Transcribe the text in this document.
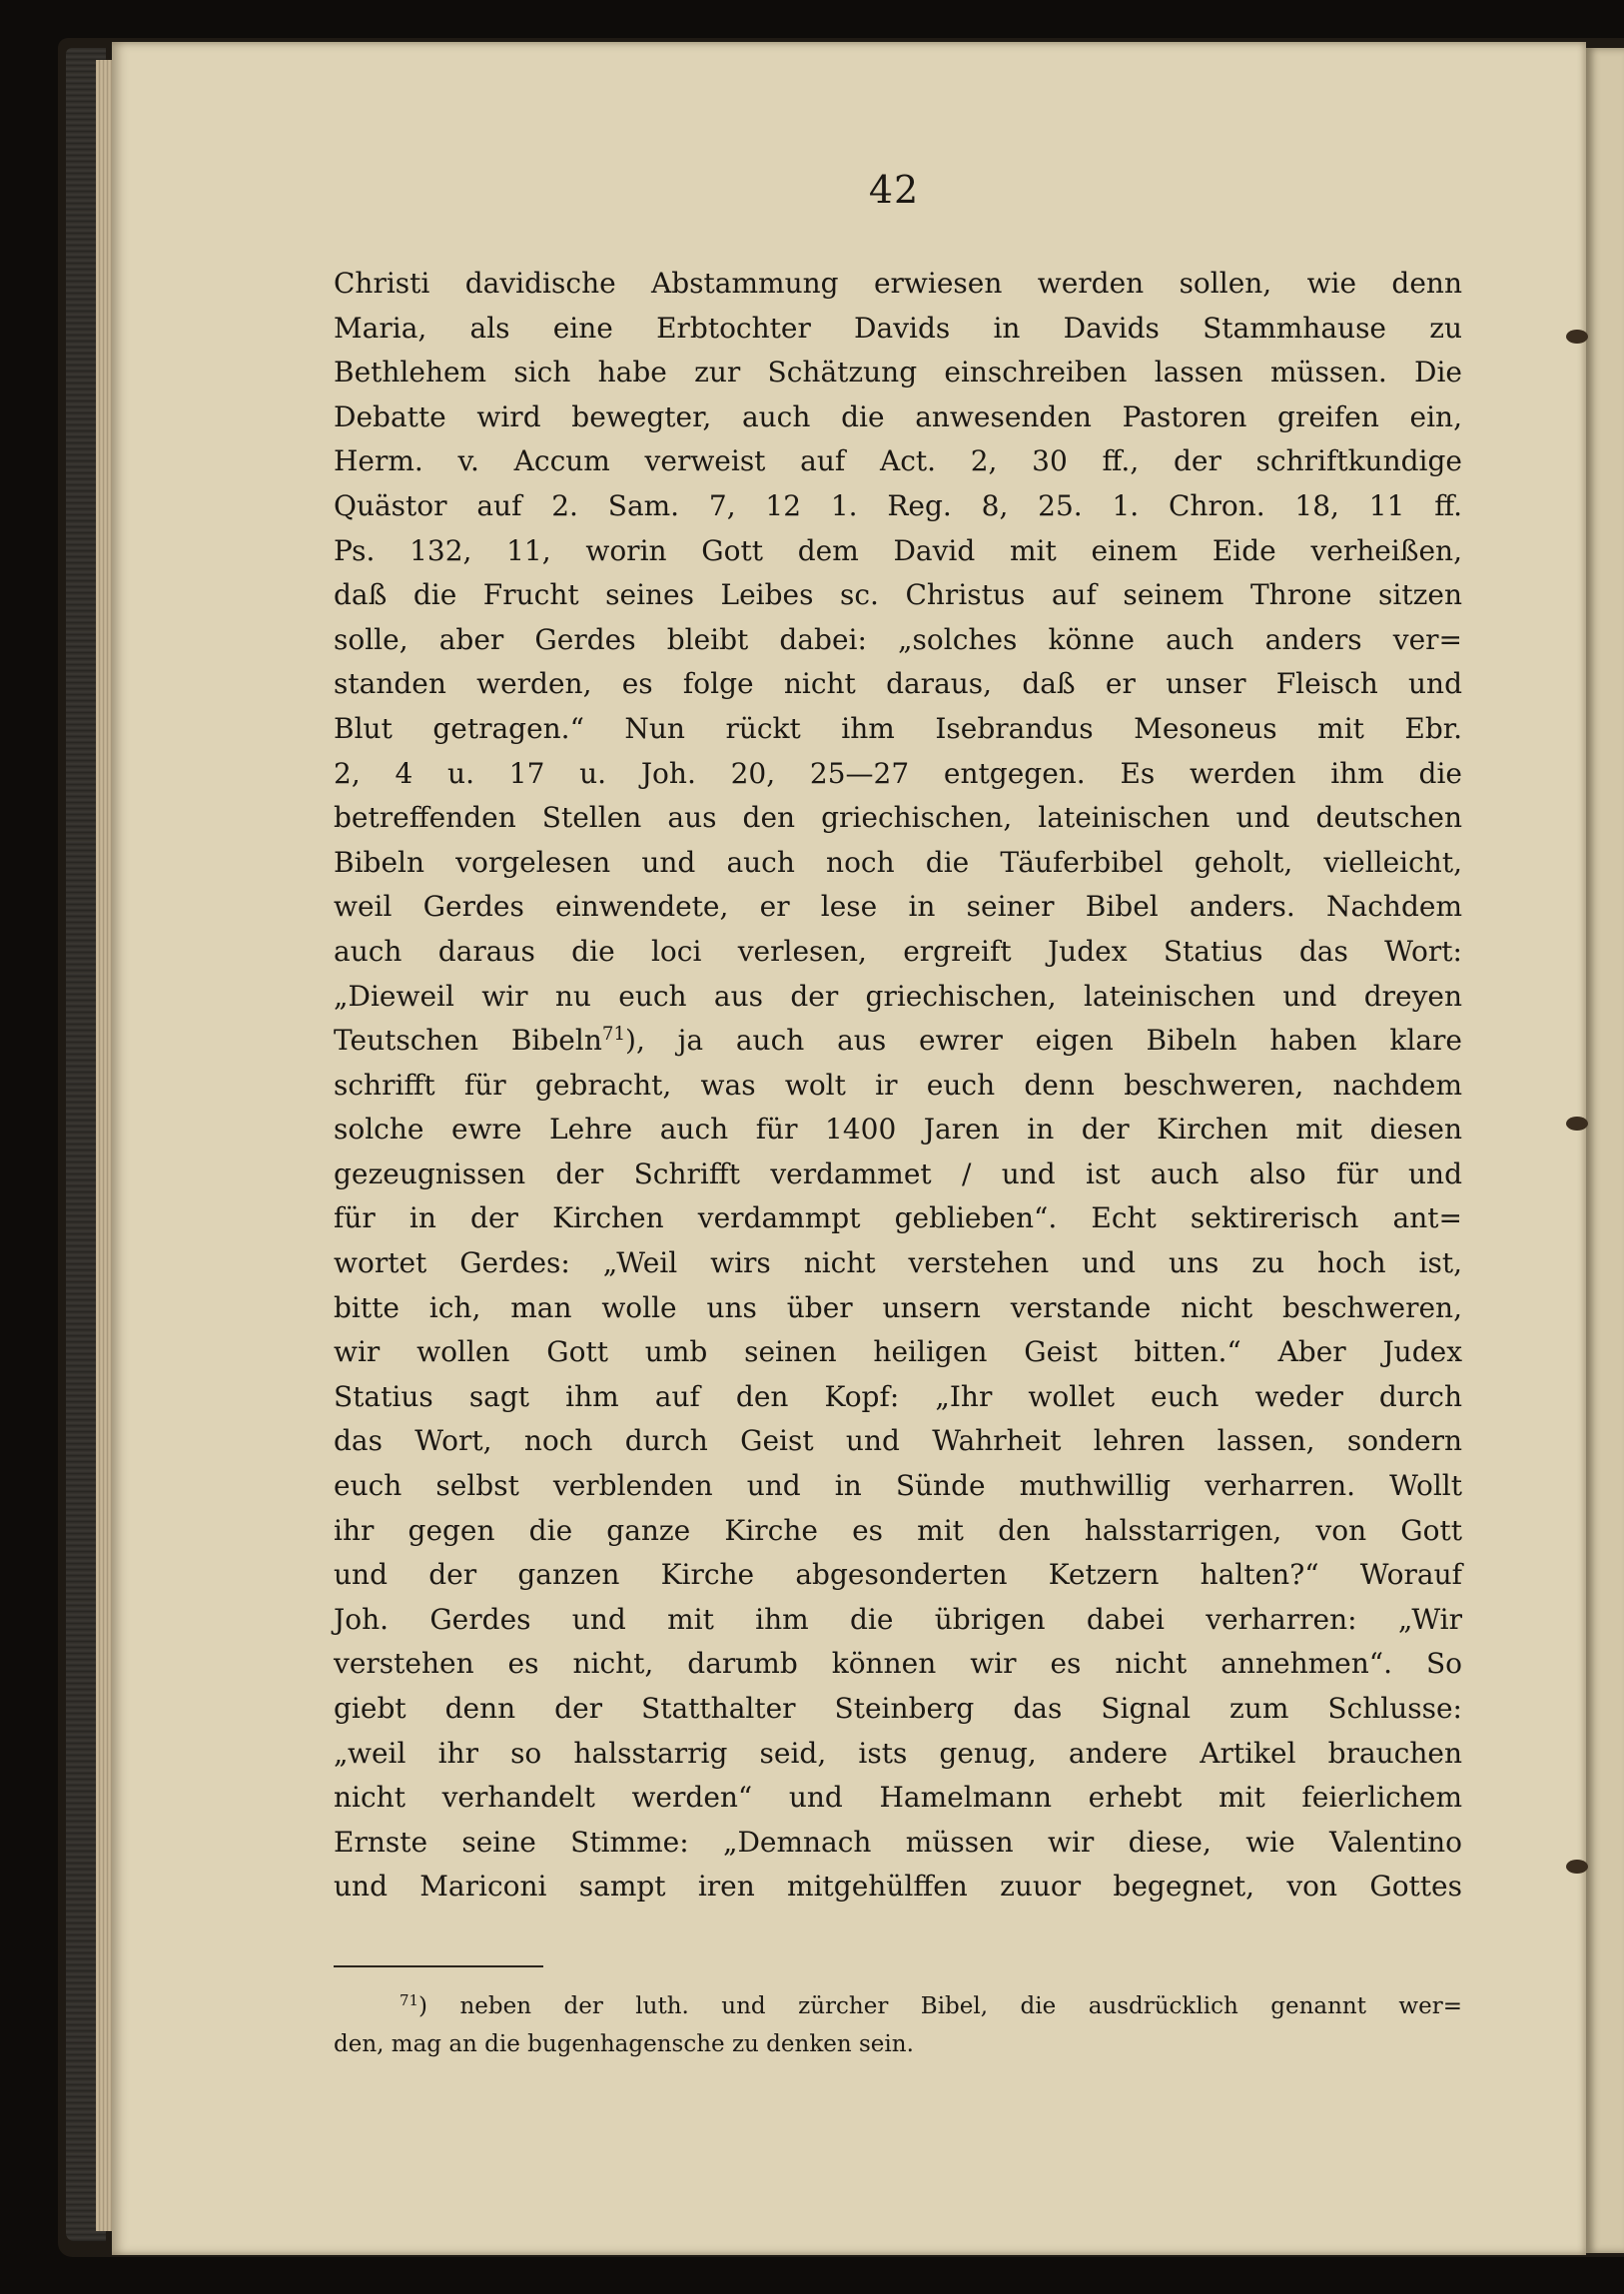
42
Christi davidische Abstammung erwiesen werden sollen, wie denn
Maria, als eine Erbtochter Davids in Davids Stammhause zu
Bethlehem sich habe zur Schätzung einschreiben lassen müssen. Die
Debatte wird bewegter, auch die anwesenden Pastoren greifen ein,
Herm. v. Accum verweist auf Act. 2, 30 ff., der schriftkundige
Quästor auf 2. Sam. 7, 12 1. Reg. 8, 25. 1. Chron. 18, 11 ff.
Ps. 132, 11, worin Gott dem David mit einem Eide verheißen,
daß die Frucht seines Leibes sc. Christus auf seinem Throne sitzen
solle, aber Gerdes bleibt dabei: „solches könne auch anders ver=
standen werden, es folge nicht daraus, daß er unser Fleisch und
Blut getragen.“ Nun rückt ihm Isebrandus Mesoneus mit Ebr.
2, 4 u. 17 u. Joh. 20, 25—27 entgegen. Es werden ihm die
betreffenden Stellen aus den griechischen, lateinischen und deutschen
Bibeln vorgelesen und auch noch die Täuferbibel geholt, vielleicht,
weil Gerdes einwendete, er lese in seiner Bibel anders. Nachdem
auch daraus die loci verlesen, ergreift Judex Statius das Wort:
„Dieweil wir nu euch aus der griechischen, lateinischen und dreyen
Teutschen Bibeln$^{71}$), ja auch aus ewrer eigen Bibeln haben klare
schrifft für gebracht, was wolt ir euch denn beschweren, nachdem
solche ewre Lehre auch für 1400 Jaren in der Kirchen mit diesen
gezeugnissen der Schrifft verdammet / und ist auch also für und
für in der Kirchen verdammpt geblieben“. Echt sektirerisch ant=
wortet Gerdes: „Weil wirs nicht verstehen und uns zu hoch ist,
bitte ich, man wolle uns über unsern verstande nicht beschweren,
wir wollen Gott umb seinen heiligen Geist bitten.“ Aber Judex
Statius sagt ihm auf den Kopf: „Ihr wollet euch weder durch
das Wort, noch durch Geist und Wahrheit lehren lassen, sondern
euch selbst verblenden und in Sünde muthwillig verharren. Wollt
ihr gegen die ganze Kirche es mit den halsstarrigen, von Gott
und der ganzen Kirche abgesonderten Ketzern halten?“ Worauf
Joh. Gerdes und mit ihm die übrigen dabei verharren: „Wir
verstehen es nicht, darumb können wir es nicht annehmen“. So
giebt denn der Statthalter Steinberg das Signal zum Schlusse:
„weil ihr so halsstarrig seid, ists genug, andere Artikel brauchen
nicht verhandelt werden“ und Hamelmann erhebt mit feierlichem
Ernste seine Stimme: „Demnach müssen wir diese, wie Valentino
und Mariconi sampt iren mitgehülffen zuuor begegnet, von Gottes
$^{71}$) neben der luth. und zürcher Bibel, die ausdrücklich genannt wer=
den, mag an die bugenhagensche zu denken sein.
